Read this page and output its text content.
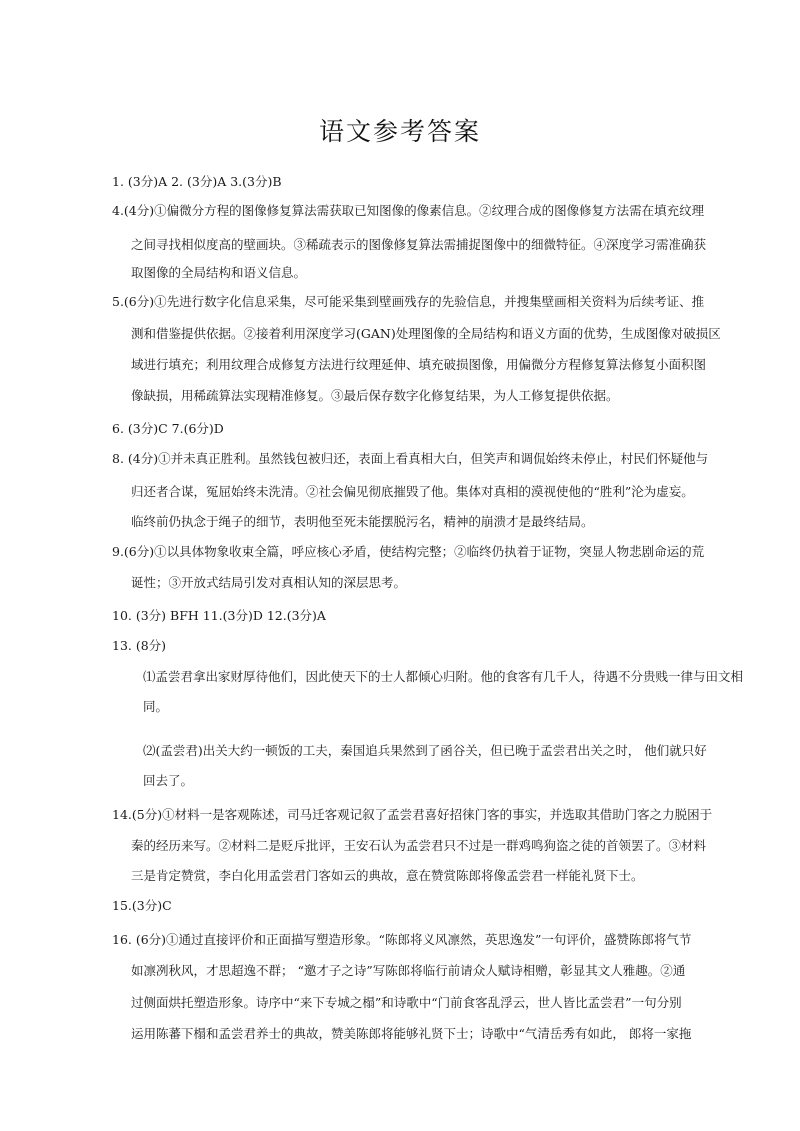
语文参考答案
1. (3分)A 2. (3分)A 3.(3分)B
4.(4分)①偏微分方程的图像修复算法需获取已知图像的像素信息。②纹理合成的图像修复方法需在填充纹理
之间寻找相似度高的壁画块。③稀疏表示的图像修复算法需捕捉图像中的细微特征。④深度学习需准确获
取图像的全局结构和语义信息。
5.(6分)①先进行数字化信息采集，尽可能采集到壁画残存的先验信息，并搜集壁画相关资料为后续考证、推
测和借鉴提供依据。②接着利用深度学习(GAN)处理图像的全局结构和语义方面的优势，生成图像对破损区
域进行填充；利用纹理合成修复方法进行纹理延伸、填充破损图像，用偏微分方程修复算法修复小面积图
像缺损，用稀疏算法实现精准修复。③最后保存数字化修复结果，为人工修复提供依据。
6. (3分)C 7.(6分)D
8. (4分)①并未真正胜利。虽然钱包被归还，表面上看真相大白，但笑声和调侃始终未停止，村民们怀疑他与
归还者合谋，冤屈始终未洗清。②社会偏见彻底摧毁了他。集体对真相的漠视使他的“胜利”沦为虚妄。
临终前仍执念于绳子的细节，表明他至死未能摆脱污名，精神的崩溃才是最终结局。
9.(6分)①以具体物象收束全篇，呼应核心矛盾，使结构完整；②临终仍执着于证物，突显人物悲剧命运的荒
诞性；③开放式结局引发对真相认知的深层思考。
10. (3分) BFH 11.(3分)D 12.(3分)A
13. (8分)
⑴孟尝君拿出家财厚待他们，因此使天下的士人都倾心归附。他的食客有几千人，待遇不分贵贱一律与田文相
同。
⑵(孟尝君)出关大约一顿饭的工夫，秦国追兵果然到了函谷关，但已晚于孟尝君出关之时， 他们就只好
回去了。
14.(5分)①材料一是客观陈述，司马迁客观记叙了孟尝君喜好招徕门客的事实，并选取其借助门客之力脱困于
秦的经历来写。②材料二是贬斥批评，王安石认为孟尝君只不过是一群鸡鸣狗盗之徒的首领罢了。③材料
三是肯定赞赏，李白化用孟尝君门客如云的典故，意在赞赏陈郎将像孟尝君一样能礼贤下士。
15.(3分)C
16. (6分)①通过直接评价和正面描写塑造形象。“陈郎将义风凛然，英思逸发”一句评价，盛赞陈郎将气节
如凛冽秋风，才思超逸不群； “邀才子之诗”写陈郎将临行前请众人赋诗相赠，彰显其文人雅趣。②通
过侧面烘托塑造形象。诗序中“来下专城之榻”和诗歌中“门前食客乱浮云，世人皆比孟尝君”一句分别
运用陈蕃下榻和孟尝君养士的典故，赞美陈郎将能够礼贤下士；诗歌中“气清岳秀有如此， 郎将一家拖
